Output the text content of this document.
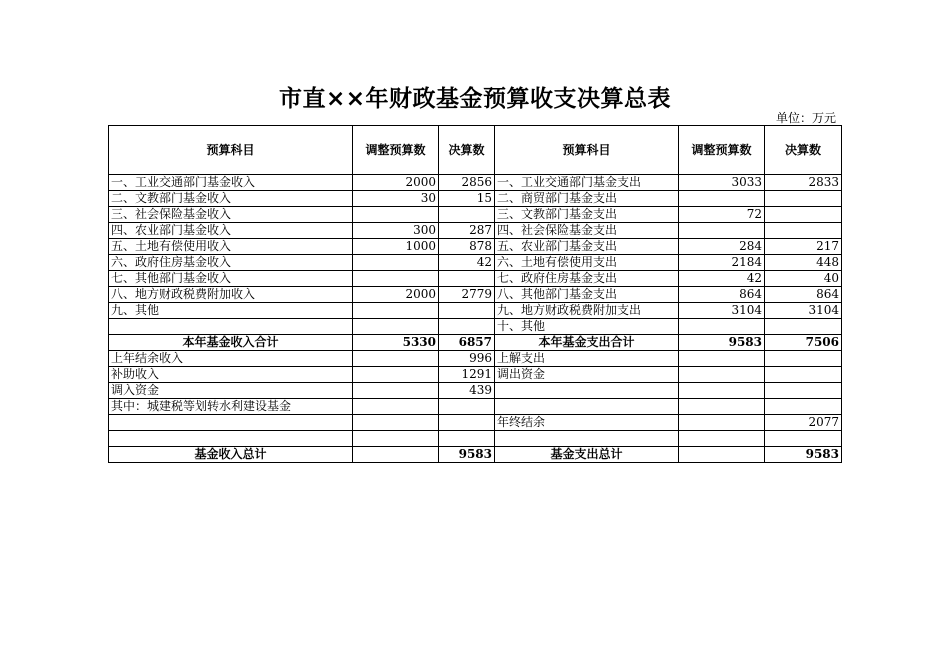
市直××年财政基金预算收支决算总表
单位：万元
预算科目	调整预算数	决算数	预算科目	调整预算数	决算数
一、工业交通部门基金收入	2000	2856	一、工业交通部门基金支出	3033	2833
二、文教部门基金收入	30	15	二、商贸部门基金支出		
三、社会保险基金收入			三、文教部门基金支出	72	
四、农业部门基金收入	300	287	四、社会保险基金支出		
五、土地有偿使用收入	1000	878	五、农业部门基金支出	284	217
六、政府住房基金收入		42	六、土地有偿使用支出	2184	448
七、其他部门基金收入			七、政府住房基金支出	42	40
八、地方财政税费附加收入	2000	2779	八、其他部门基金支出	864	864
九、其他			九、地方财政税费附加支出	3104	3104
			十、其他		
本年基金收入合计	5330	6857	本年基金支出合计	9583	7506
上年结余收入		996	上解支出		
补助收入		1291	调出资金		
调入资金		439			
其中：城建税等划转水利建设基金					
			年终结余		2077

基金收入总计		9583	基金支出总计		9583
